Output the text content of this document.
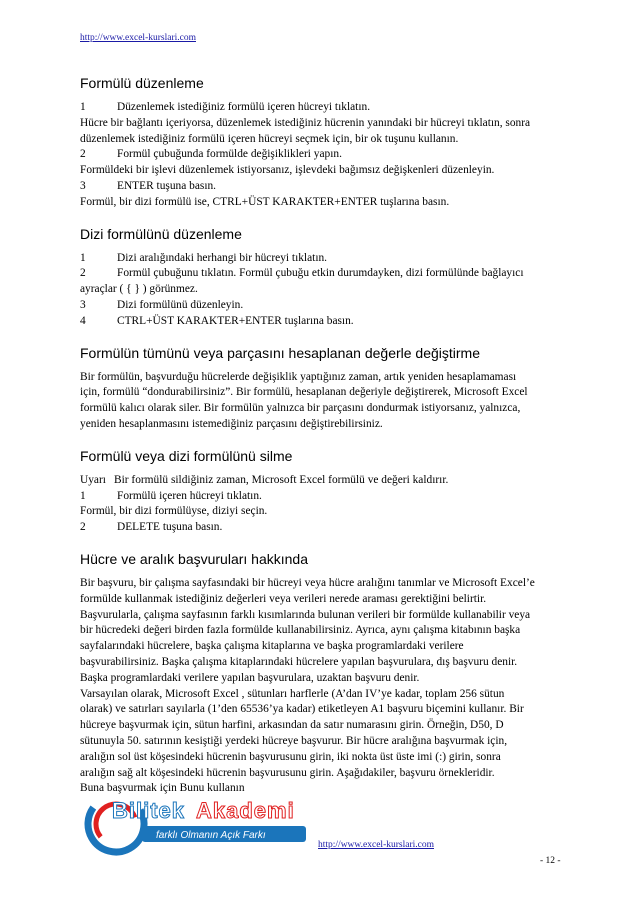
http://www.excel-kurslari.com
Formülü düzenleme
1	Düzenlemek istediğiniz formülü içeren hücreyi tıklatın.
Hücre bir bağlantı içeriyorsa, düzenlemek istediğiniz hücrenin yanındaki bir hücreyi tıklatın, sonra
düzenlemek istediğiniz formülü içeren hücreyi seçmek için, bir ok tuşunu kullanın.
2	Formül çubuğunda formülde değişiklikleri yapın.
Formüldeki bir işlevi düzenlemek istiyorsanız, işlevdeki bağımsız değişkenleri düzenleyin.
3	ENTER tuşuna basın.
Formül, bir dizi formülü ise, CTRL+ÜST KARAKTER+ENTER tuşlarına basın.
Dizi formülünü düzenleme
1	Dizi aralığındaki herhangi bir hücreyi tıklatın.
2	Formül çubuğunu tıklatın. Formül çubuğu etkin durumdayken, dizi formülünde bağlayıcı
ayraçlar ( { } ) görünmez.
3	Dizi formülünü düzenleyin.
4	CTRL+ÜST KARAKTER+ENTER tuşlarına basın.
Formülün tümünü veya parçasını hesaplanan değerle değiştirme
Bir formülün, başvurduğu hücrelerde değişiklik yaptığınız zaman, artık yeniden hesaplamaması
için, formülü “dondurabilirsiniz”. Bir formülü, hesaplanan değeriyle değiştirerek, Microsoft Excel
formülü kalıcı olarak siler. Bir formülün yalnızca bir parçasını dondurmak istiyorsanız, yalnızca,
yeniden hesaplanmasını istemediğiniz parçasını değiştirebilirsiniz.
Formülü veya dizi formülünü silme
Uyarı Bir formülü sildiğiniz zaman, Microsoft Excel formülü ve değeri kaldırır.
1	Formülü içeren hücreyi tıklatın.
Formül, bir dizi formülüyse, diziyi seçin.
2	DELETE tuşuna basın.
Hücre ve aralık başvuruları hakkında
Bir başvuru, bir çalışma sayfasındaki bir hücreyi veya hücre aralığını tanımlar ve Microsoft Excel’e
formülde kullanmak istediğiniz değerleri veya verileri nerede araması gerektiğini belirtir.
Başvurularla, çalışma sayfasının farklı kısımlarında bulunan verileri bir formülde kullanabilir veya
bir hücredeki değeri birden fazla formülde kullanabilirsiniz. Ayrıca, aynı çalışma kitabının başka
sayfalarındaki hücrelere, başka çalışma kitaplarına ve başka programlardaki verilere
başvurabilirsiniz. Başka çalışma kitaplarındaki hücrelere yapılan başvurulara, dış başvuru denir.
Başka programlardaki verilere yapılan başvurulara, uzaktan başvuru denir.
Varsayılan olarak, Microsoft Excel , sütunları harflerle (A’dan IV’ye kadar, toplam 256 sütun
olarak) ve satırları sayılarla (1’den 65536’ya kadar) etiketleyen A1 başvuru biçemini kullanır. Bir
hücreye başvurmak için, sütun harfini, arkasından da satır numarasını girin. Örneğin, D50, D
sütunuyla 50. satırının kesiştiği yerdeki hücreye başvurur. Bir hücre aralığına başvurmak için,
aralığın sol üst köşesindeki hücrenin başvurusunu girin, iki nokta üst üste imi (:) girin, sonra
aralığın sağ alt köşesindeki hücrenin başvurusunu girin. Aşağıdakiler, başvuru örnekleridir.
Buna başvurmak için Bunu kullanın
Bilitek Akademi
farklı Olmanın Açık Farkı
http://www.excel-kurslari.com
- 12 -
